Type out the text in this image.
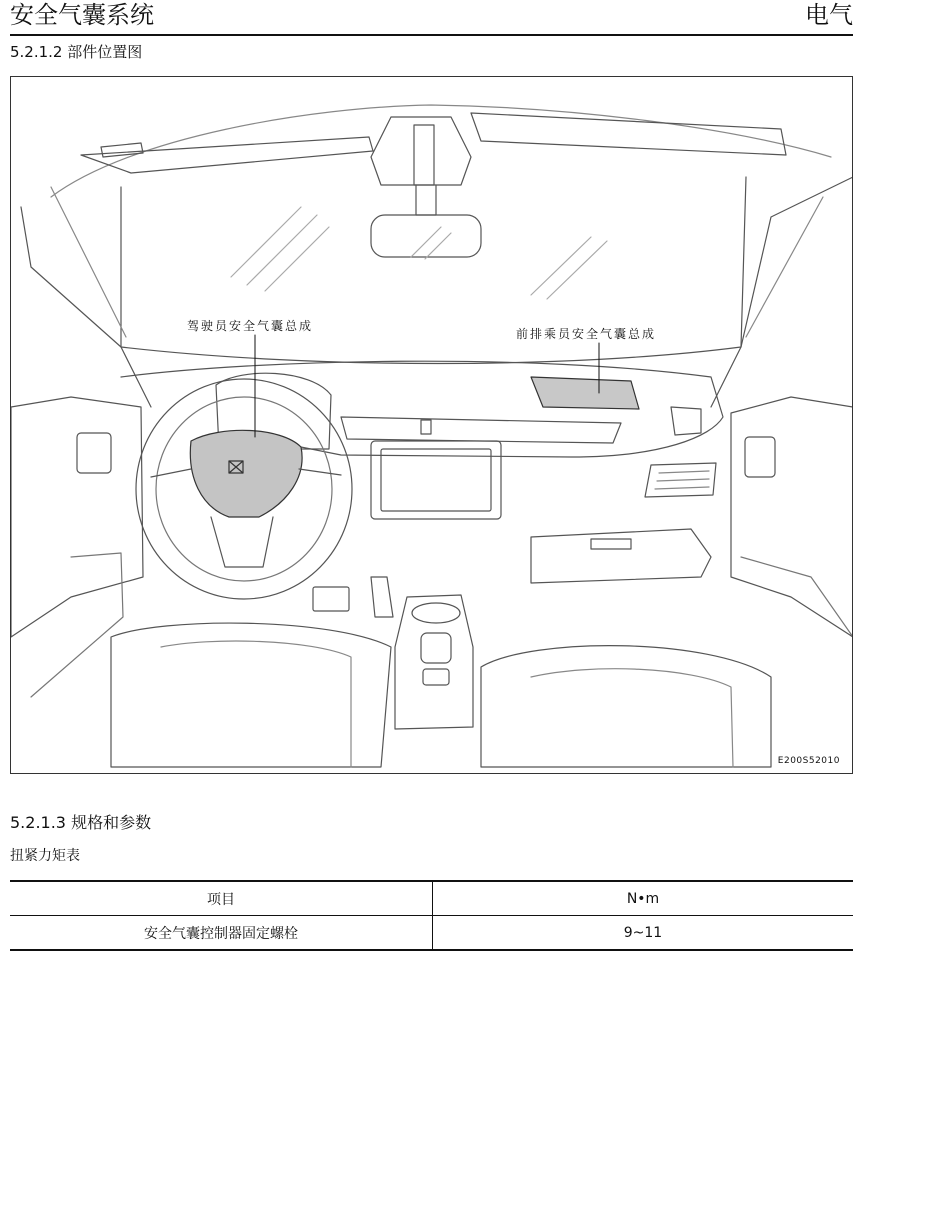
安全气囊系统	电气
5.2.1.2 部件位置图
驾驶员安全气囊总成
前排乘员安全气囊总成
E200S52010
5.2.1.3 规格和参数
扭紧力矩表
项目	N•m
安全气囊控制器固定螺栓	9~11
